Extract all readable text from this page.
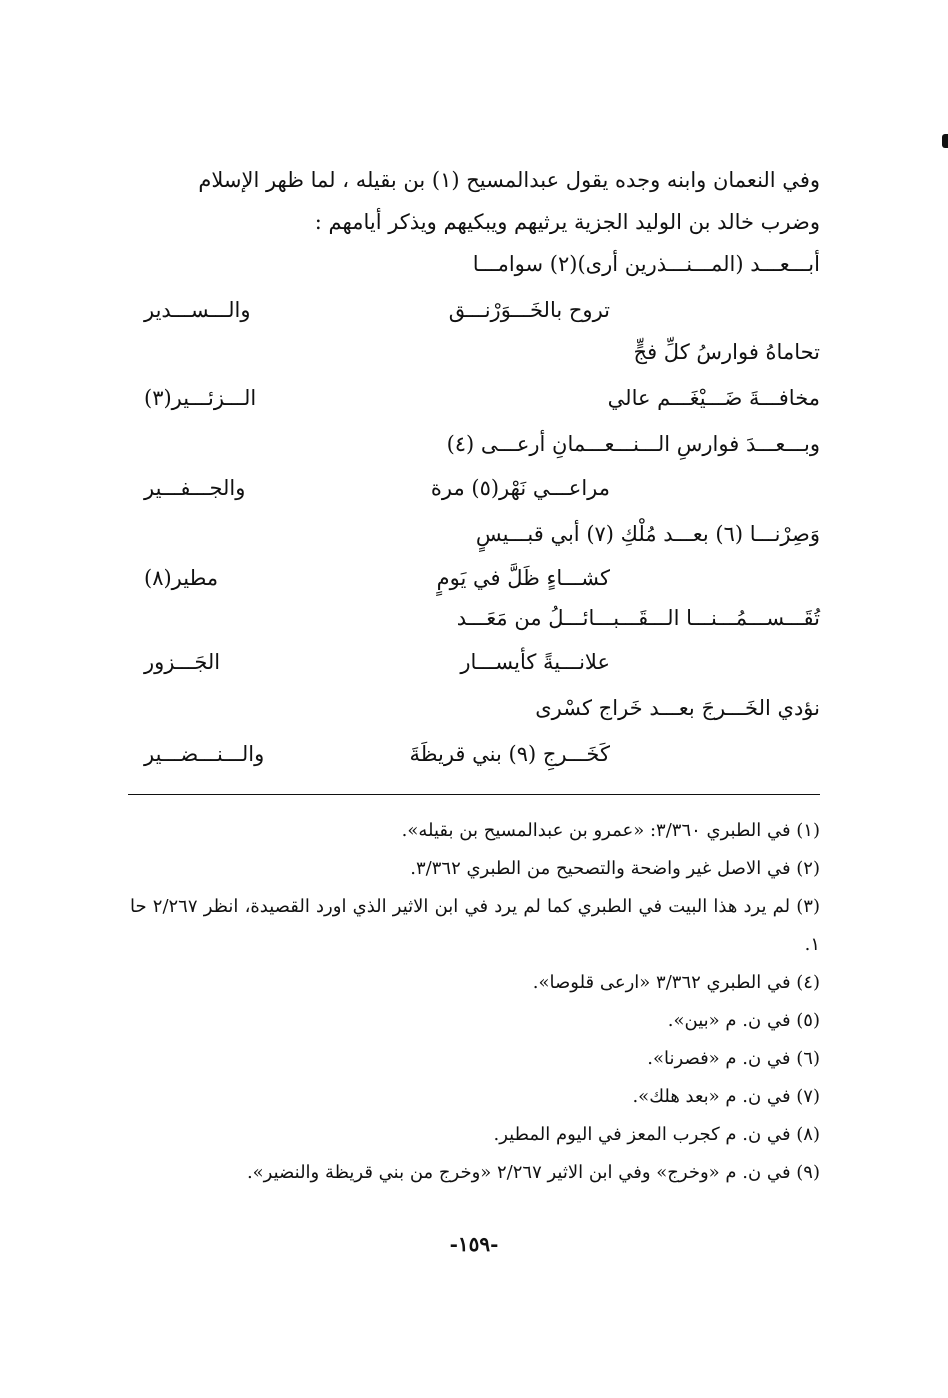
وفي النعمان وابنه وجده يقول عبدالمسيح (١) بن بقيله ، لما ظهر الإسلام
وضرب خالد بن الوليد الجزية يرثيهم ويبكيهم ويذكر أيامهم :
أبـــعـــد (المـــنـــذرين أرى)(٢) سوامـــا
تروح بالخَـــوَرْنـــق
والـــســـدير
تحاماهُ فوارسُ كلِّ فجٍّ
مخافـــةَ ضَـــيْغَـــم عالي
الـــزئـــير(٣)
وبـــعـــدَ فوارسِ الـــنـــعـــمانِ أرعـــى (٤)
مراعـــي نَهْر(٥) مرة
والجـــفـــير
وَصِرْنـــا (٦) بعـــد مُلْكِ (٧) أبي قبـــيسٍ
كشـــاءٍ ظَلَّ في يَومٍ
مطير(٨)
تُقَـــســـمُـــنـــا الـــقَـــبـــائـــلُ من مَعَـــد
علانـــيةً كأيســـار
الجَـــزور
نؤدي الخَـــرجَ بعـــد خَراج كسْرى
كَخَـــرجِ (٩) بني قريظَةَ
والـــنـــضـــير
(١) في الطبري ٣/٣٦٠: «عمرو بن عبدالمسيح بن بقيله».
(٢) في الاصل غير واضحة والتصحيح من الطبري ٣/٣٦٢.
(٣) لم يرد هذا البيت في الطبري كما لم يرد في ابن الاثير الذي اورد القصيدة، انظر ٢/٢٦٧ حا ١.
(٤) في الطبري ٣/٣٦٢ «ارعى قلوصا».
(٥) في ن. م «بين».
(٦) في ن. م «فصرنا».
(٧) في ن. م «بعد هلك».
(٨) في ن. م كجرب المعز في اليوم المطير.
(٩) في ن. م «وخرج» وفي ابن الاثير ٢/٢٦٧ «وخرج من بني قريظة والنضير».
-١٥٩-
